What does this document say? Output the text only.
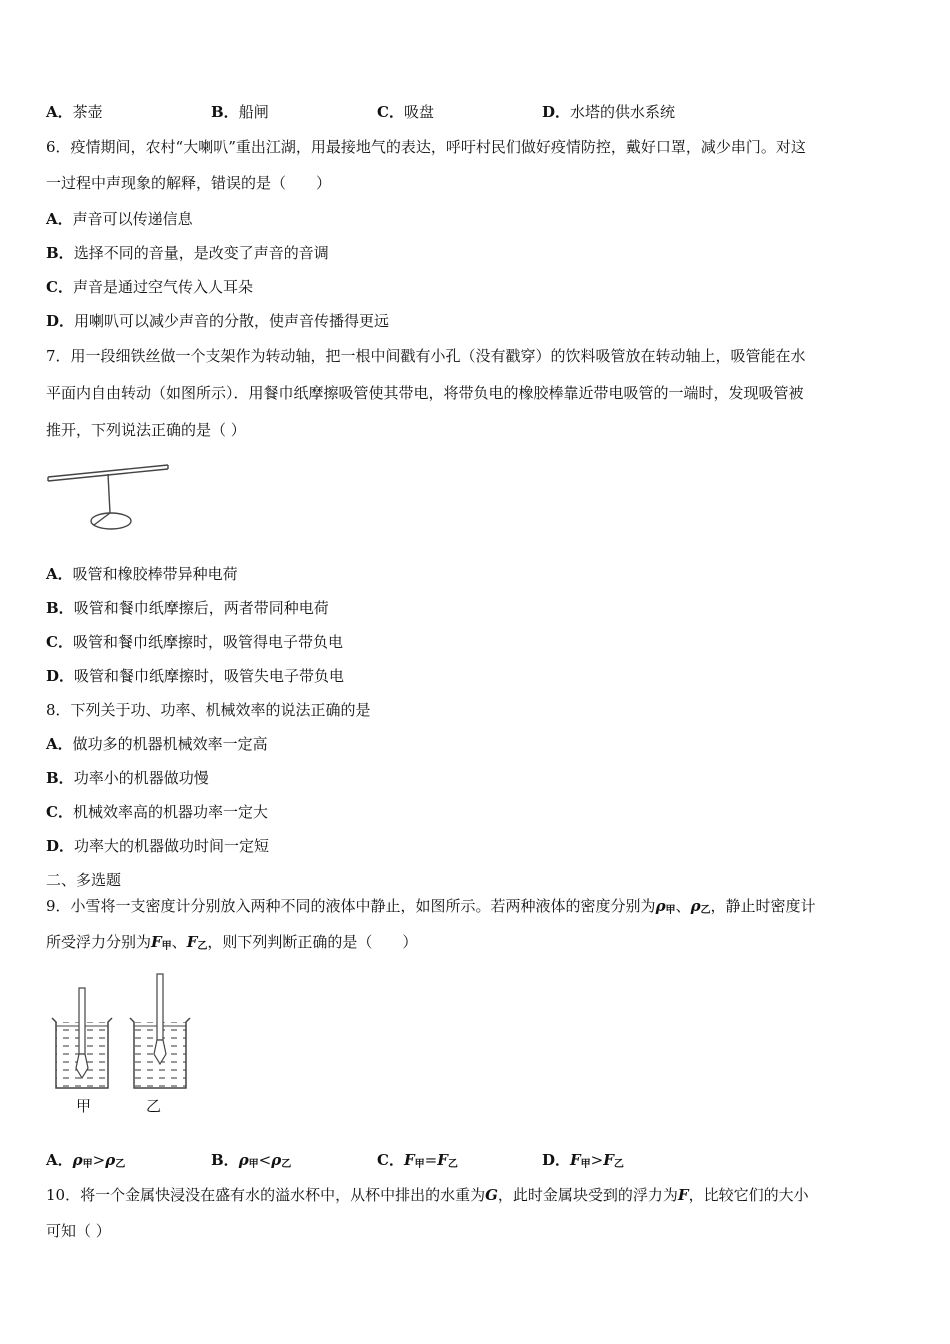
A．茶壶	B．船闸	C．吸盘	D．水塔的供水系统
6．疫情期间，农村“大喇叭”重出江湖，用最接地气的表达，呼吁村民们做好疫情防控，戴好口罩，减少串门。对这
一过程中声现象的解释，错误的是（　　）
A．声音可以传递信息
B．选择不同的音量，是改变了声音的音调
C．声音是通过空气传入人耳朵
D．用喇叭可以减少声音的分散，使声音传播得更远
7．用一段细铁丝做一个支架作为转动轴，把一根中间戳有小孔（没有戳穿）的饮料吸管放在转动轴上，吸管能在水
平面内自由转动（如图所示）．用餐巾纸摩擦吸管使其带电，将带负电的橡胶棒靠近带电吸管的一端时，发现吸管被
推开，下列说法正确的是（ ）
A．吸管和橡胶棒带异种电荷
B．吸管和餐巾纸摩擦后，两者带同种电荷
C．吸管和餐巾纸摩擦时，吸管得电子带负电
D．吸管和餐巾纸摩擦时，吸管失电子带负电
8．下列关于功、功率、机械效率的说法正确的是
A．做功多的机器机械效率一定高
B．功率小的机器做功慢
C．机械效率高的机器功率一定大
D．功率大的机器做功时间一定短
二、多选题
9．小雪将一支密度计分别放入两种不同的液体中静止，如图所示。若两种液体的密度分别为$\rho_甲$、$\rho_乙$，静止时密度计
所受浮力分别为$F_甲$、$F_乙$，则下列判断正确的是（　　）
甲	乙
A．$\rho_甲>\rho_乙$	B．$\rho_甲<\rho_乙$	C．$F_甲=F_乙$	D．$F_甲>F_乙$
10．将一个金属快浸没在盛有水的溢水杯中，从杯中排出的水重为G，此时金属块受到的浮力为F，比较它们的大小
可知（ ）
